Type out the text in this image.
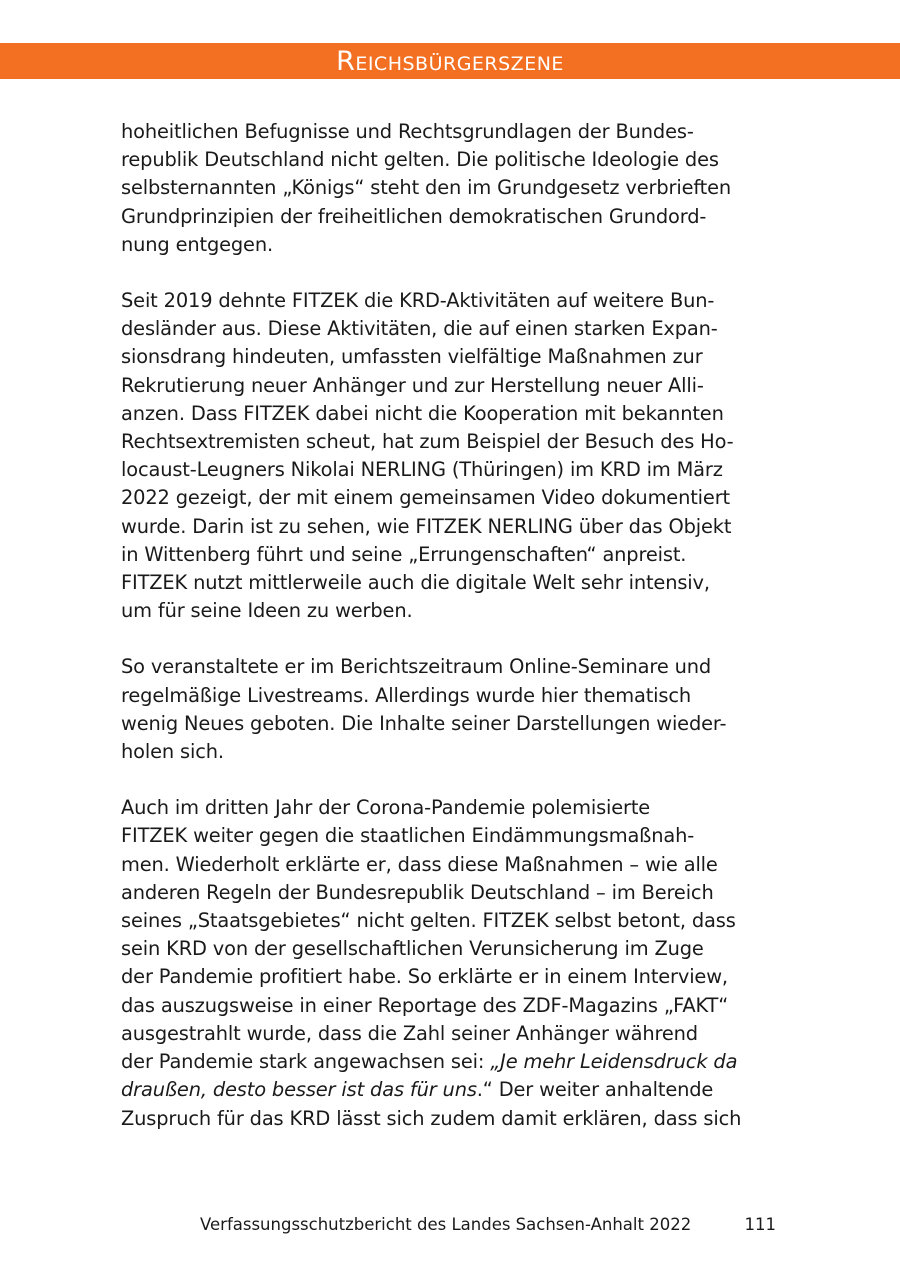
Reichsbürgerszene
hoheitlichen Befugnisse und Rechtsgrundlagen der Bundes-
republik Deutschland nicht gelten. Die politische Ideologie des
selbsternannten „Königs“ steht den im Grundgesetz verbrieften
Grundprinzipien der freiheitlichen demokratischen Grundord-
nung entgegen.
Seit 2019 dehnte FITZEK die KRD-Aktivitäten auf weitere Bun-
desländer aus. Diese Aktivitäten, die auf einen starken Expan-
sionsdrang hindeuten, umfassten vielfältige Maßnahmen zur
Rekrutierung neuer Anhänger und zur Herstellung neuer Alli-
anzen. Dass FITZEK dabei nicht die Kooperation mit bekannten
Rechtsextremisten scheut, hat zum Beispiel der Besuch des Ho-
locaust-Leugners Nikolai NERLING (Thüringen) im KRD im März
2022 gezeigt, der mit einem gemeinsamen Video dokumentiert
wurde. Darin ist zu sehen, wie FITZEK NERLING über das Objekt
in Wittenberg führt und seine „Errungenschaften“ anpreist.
FITZEK nutzt mittlerweile auch die digitale Welt sehr intensiv,
um für seine Ideen zu werben.
So veranstaltete er im Berichtszeitraum Online-Seminare und
regelmäßige Livestreams. Allerdings wurde hier thematisch
wenig Neues geboten. Die Inhalte seiner Darstellungen wieder-
holen sich.
Auch im dritten Jahr der Corona-Pandemie polemisierte
FITZEK weiter gegen die staatlichen Eindämmungsmaßnah-
men. Wiederholt erklärte er, dass diese Maßnahmen – wie alle
anderen Regeln der Bundesrepublik Deutschland – im Bereich
seines „Staatsgebietes“ nicht gelten. FITZEK selbst betont, dass
sein KRD von der gesellschaftlichen Verunsicherung im Zuge
der Pandemie profitiert habe. So erklärte er in einem Interview,
das auszugsweise in einer Reportage des ZDF-Magazins „FAKT“
ausgestrahlt wurde, dass die Zahl seiner Anhänger während
der Pandemie stark angewachsen sei: „Je mehr Leidensdruck da
draußen, desto besser ist das für uns.“ Der weiter anhaltende
Zuspruch für das KRD lässt sich zudem damit erklären, dass sich
Verfassungsschutzbericht des Landes Sachsen-Anhalt 2022	111
